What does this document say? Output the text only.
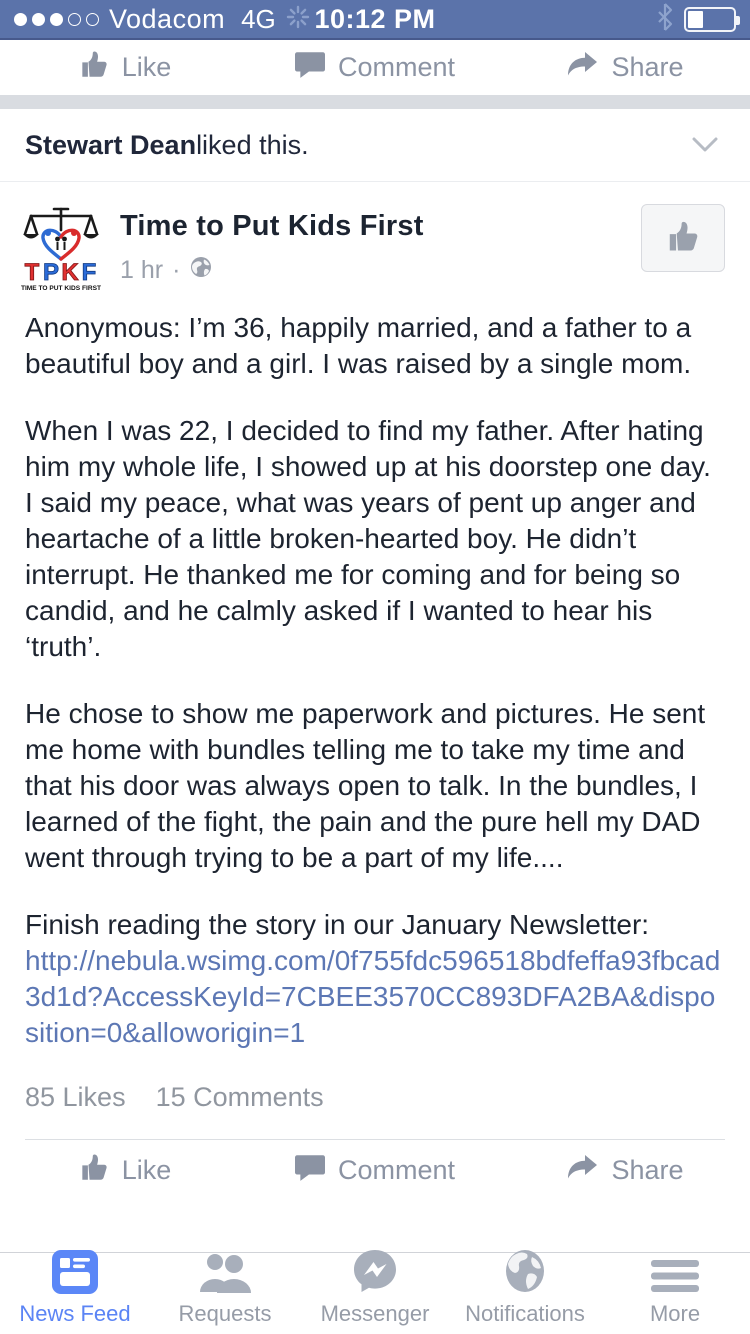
Vodacom 4G	10:12 PM
Like	Comment	Share
Stewart Dean liked this.
T P K F
TIME TO PUT KIDS FIRST
Time to Put Kids First
1 hr ·

Anonymous: I’m 36, happily married, and a father to a beautiful boy and a girl. I was raised by a single mom.

When I was 22, I decided to find my father. After hating him my whole life, I showed up at his doorstep one day. I said my peace, what was years of pent up anger and heartache of a little broken-hearted boy. He didn’t interrupt. He thanked me for coming and for being so candid, and he calmly asked if I wanted to hear his ‘truth’.

He chose to show me paperwork and pictures. He sent me home with bundles telling me to take my time and that his door was always open to talk. In the bundles, I learned of the fight, the pain and the pure hell my DAD went through trying to be a part of my life....

Finish reading the story in our January Newsletter:
http://nebula.wsimg.com/0f755fdc596518bdfeffa93fbcad3d1d?AccessKeyId=7CBEE3570CC893DFA2BA&disposition=0&alloworigin=1

85 Likes 15 Comments
Like	Comment	Share
News Feed Requests Messenger Notifications	More
